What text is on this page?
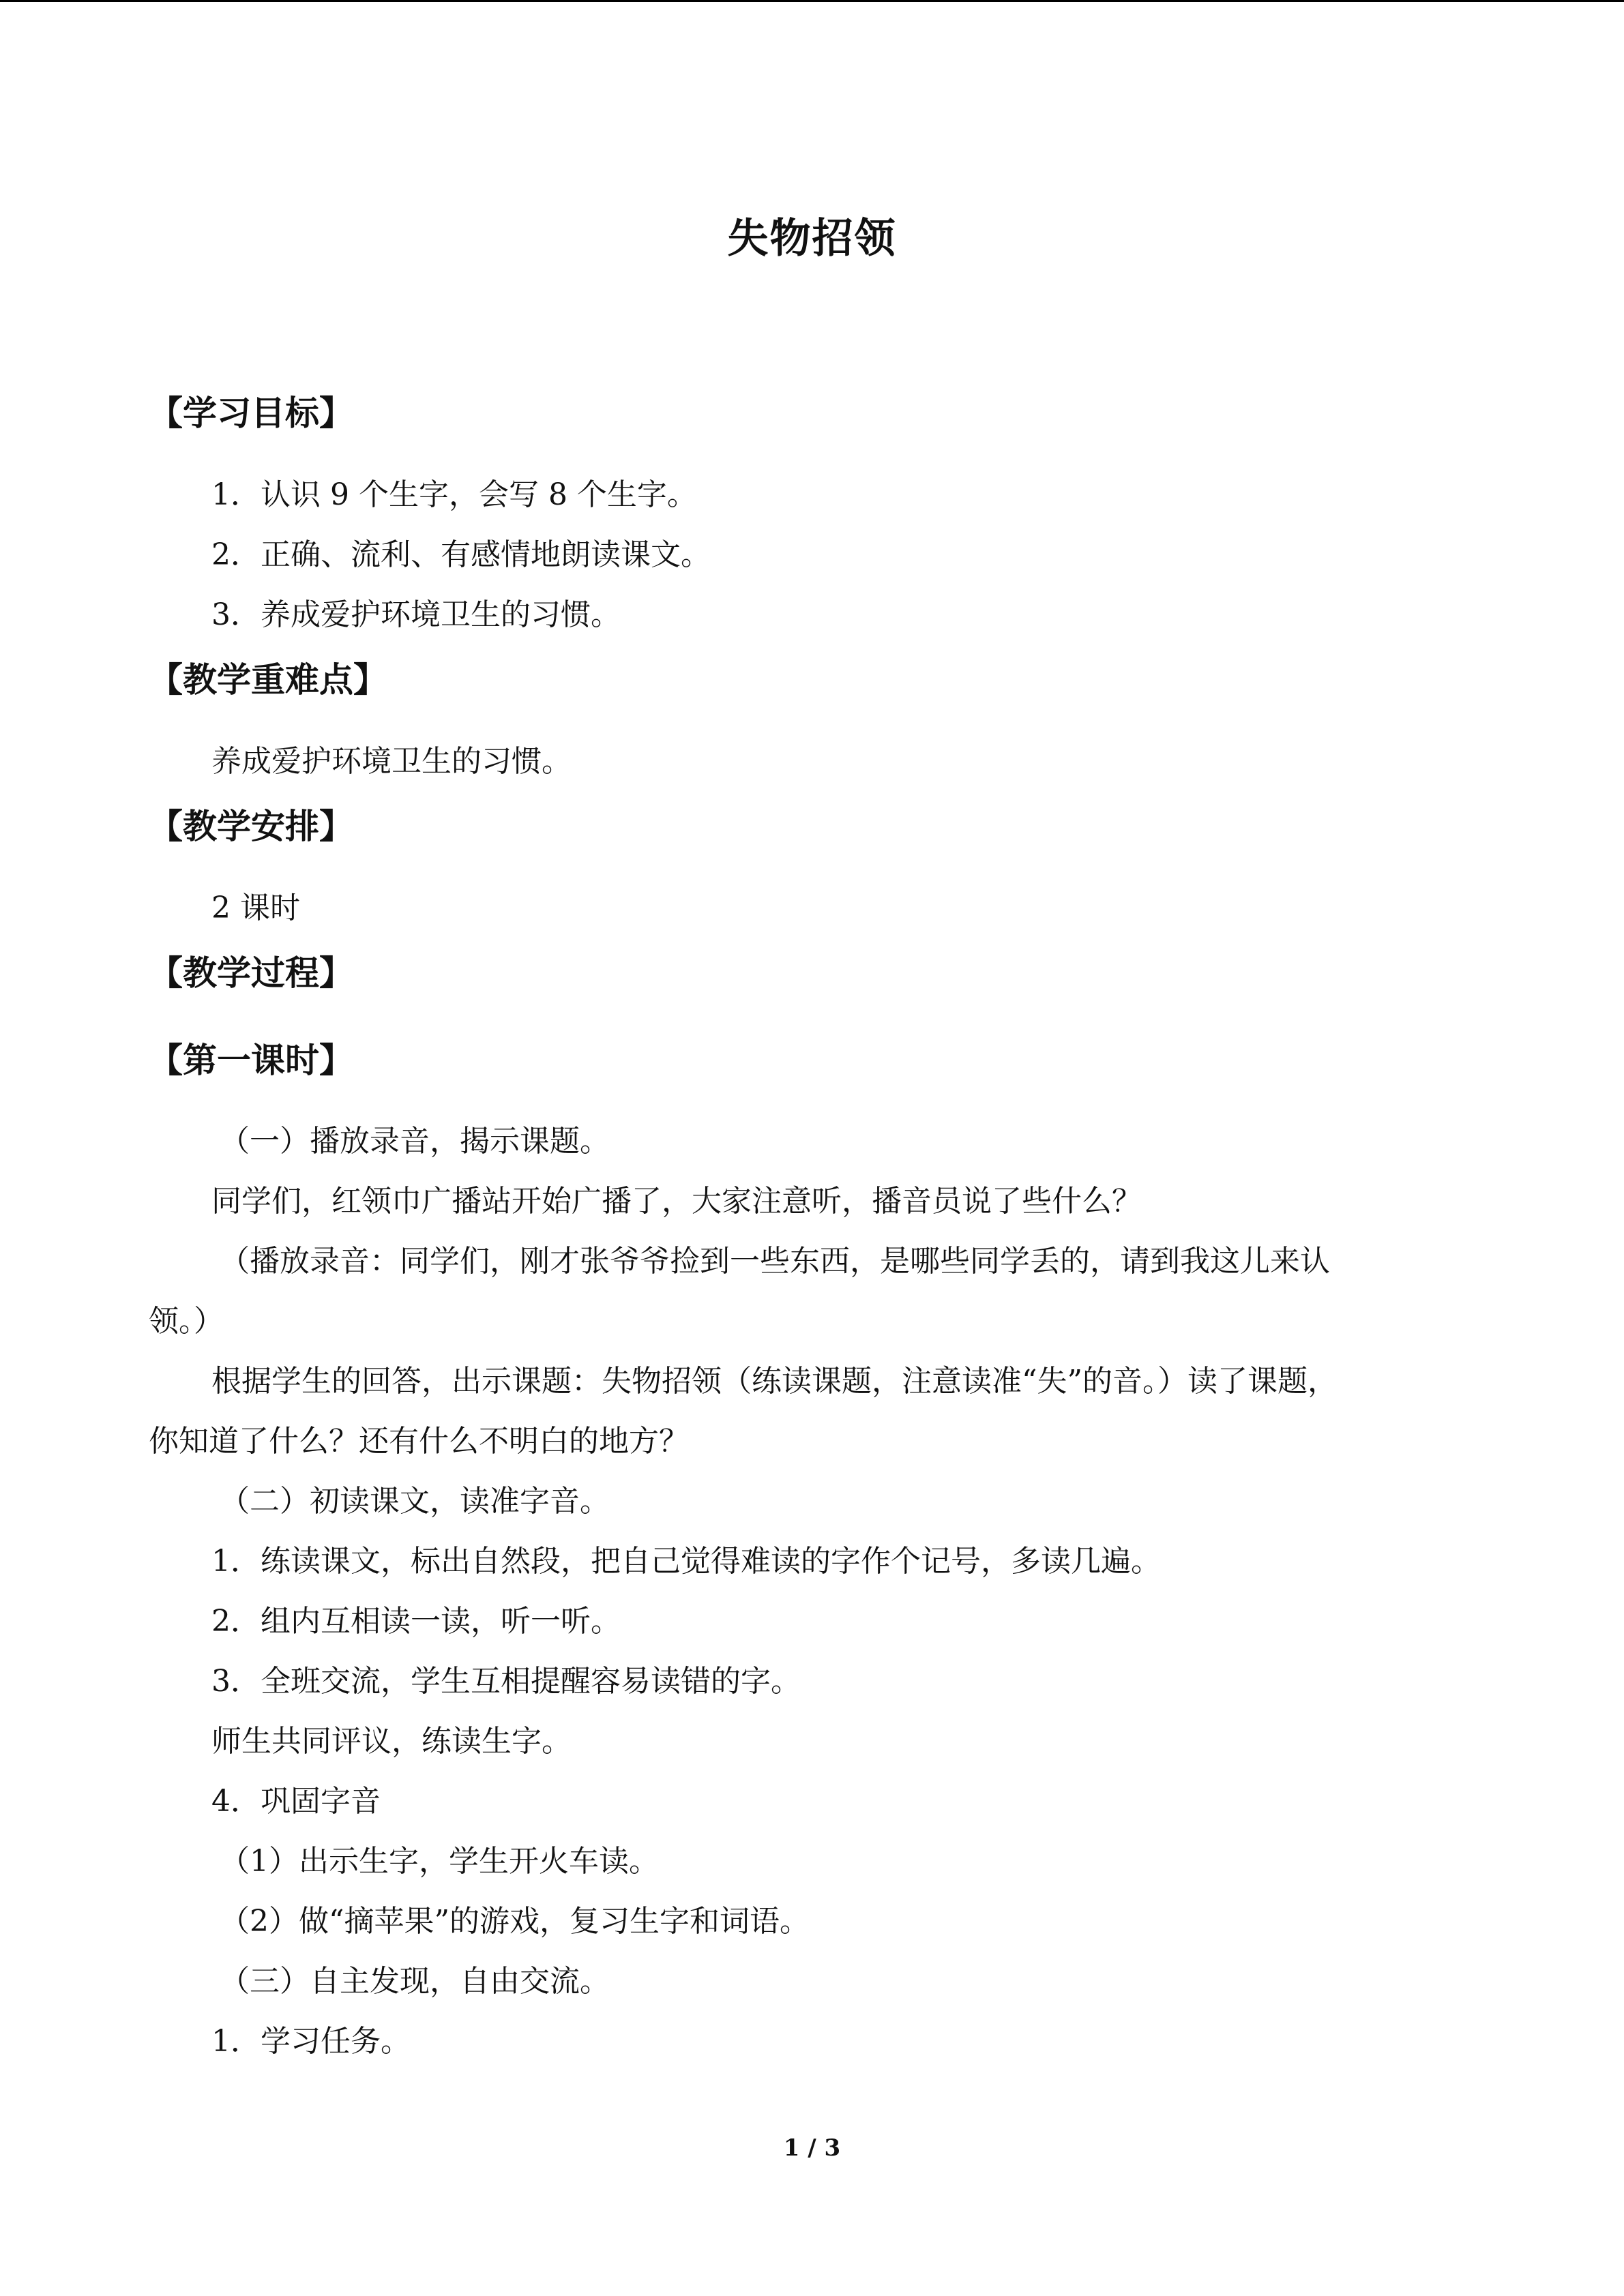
失物招领
【学习目标】
1．认识 9 个生字，会写 8 个生字。
2．正确、流利、有感情地朗读课文。
3．养成爱护环境卫生的习惯。
【教学重难点】
养成爱护环境卫生的习惯。
【教学安排】
2 课时
【教学过程】
【第一课时】
（一）播放录音，揭示课题。
同学们，红领巾广播站开始广播了，大家注意听，播音员说了些什么？
（播放录音：同学们，刚才张爷爷捡到一些东西，是哪些同学丢的，请到我这儿来认
领。）
根据学生的回答，出示课题：失物招领（练读课题，注意读准“失”的音。）读了课题，
你知道了什么？还有什么不明白的地方？
（二）初读课文，读准字音。
1．练读课文，标出自然段，把自己觉得难读的字作个记号，多读几遍。
2．组内互相读一读，听一听。
3．全班交流，学生互相提醒容易读错的字。
师生共同评议，练读生字。
4．巩固字音
（1）出示生字，学生开火车读。
（2）做“摘苹果”的游戏，复习生字和词语。
（三）自主发现，自由交流。
1．学习任务。
1 / 3
